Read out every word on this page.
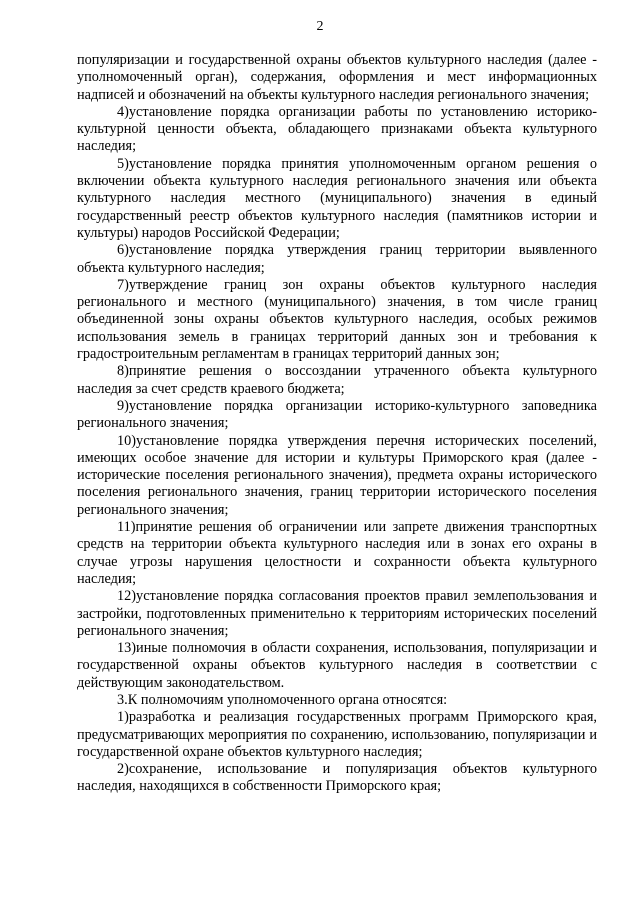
2

популяризации и государственной охраны объектов культурного наследия (далее - уполномоченный орган), содержания, оформления и мест информационных надписей и обозначений на объекты культурного наследия регионального значения;

4)установление порядка организации работы по установлению историко-культурной ценности объекта, обладающего признаками объекта культурного наследия;

5)установление порядка принятия уполномоченным органом решения о включении объекта культурного наследия регионального значения или объекта культурного наследия местного (муниципального) значения в единый государственный реестр объектов культурного наследия (памятников истории и культуры) народов Российской Федерации;

6)установление порядка утверждения границ территории выявленного объекта культурного наследия;

7)утверждение границ зон охраны объектов культурного наследия регионального и местного (муниципального) значения, в том числе границ объединенной зоны охраны объектов культурного наследия, особых режимов использования земель в границах территорий данных зон и требования к градостроительным регламентам в границах территорий данных зон;

8)принятие решения о воссоздании утраченного объекта культурного наследия за счет средств краевого бюджета;

9)установление порядка организации историко-культурного заповедника регионального значения;

10)установление порядка утверждения перечня исторических поселений, имеющих особое значение для истории и культуры Приморского края (далее - исторические поселения регионального значения), предмета охраны исторического поселения регионального значения, границ территории исторического поселения регионального значения;

11)принятие решения об ограничении или запрете движения транспортных средств на территории объекта культурного наследия или в зонах его охраны в случае угрозы нарушения целостности и сохранности объекта культурного наследия;

12)установление порядка согласования проектов правил землепользования и застройки, подготовленных применительно к территориям исторических поселений регионального значения;

13)иные полномочия в области сохранения, использования, популяризации и государственной охраны объектов культурного наследия в соответствии с действующим законодательством.

3.К полномочиям уполномоченного органа относятся:

1)разработка и реализация государственных программ Приморского края, предусматривающих мероприятия по сохранению, использованию, популяризации и государственной охране объектов культурного наследия;

2)сохранение, использование и популяризация объектов культурного наследия, находящихся в собственности Приморского края;
